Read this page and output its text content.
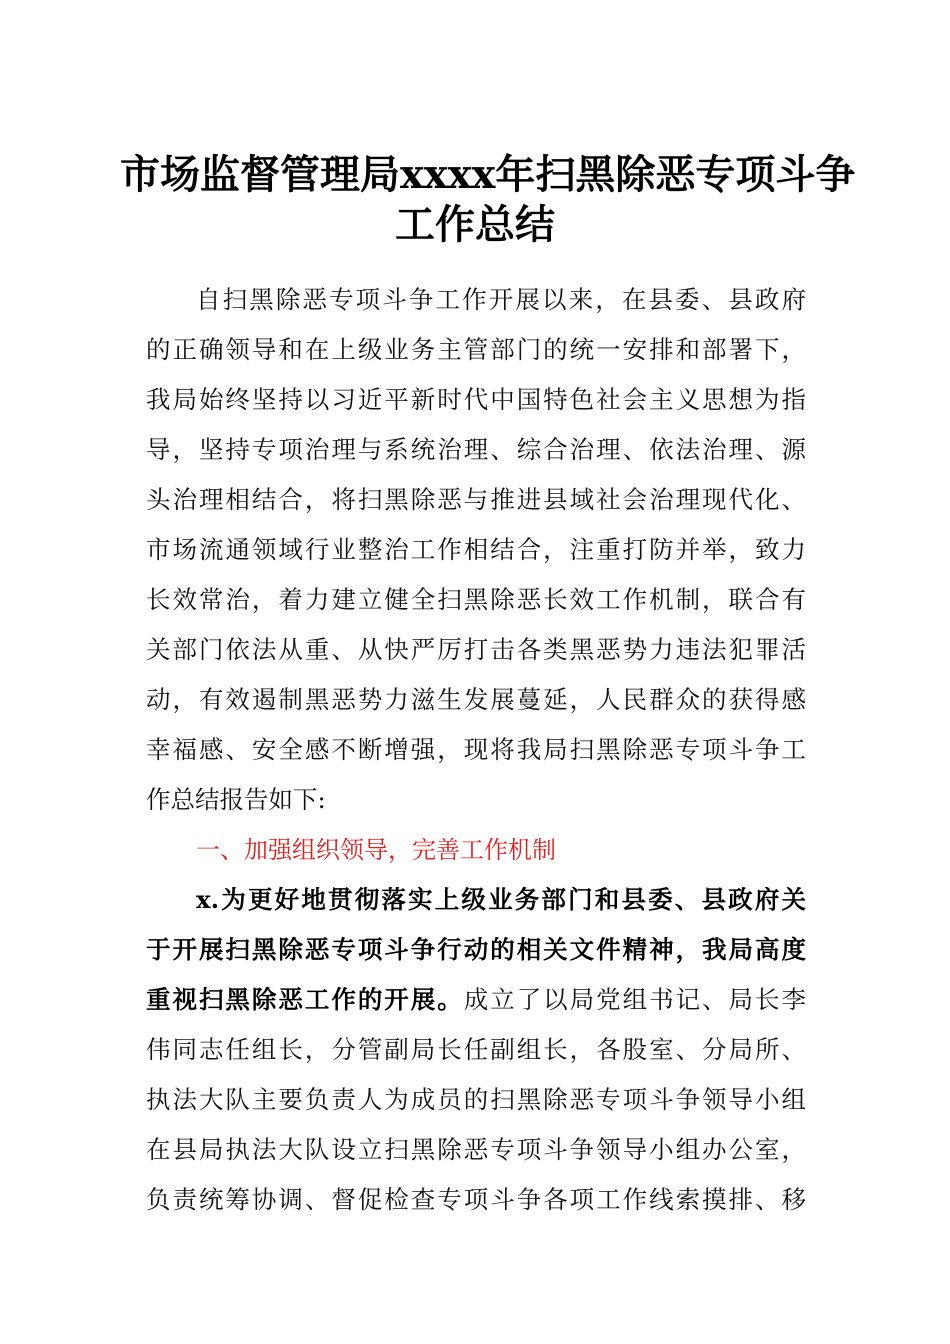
市场监督管理局xxxx年扫黑除恶专项斗争
工作总结
自扫黑除恶专项斗争工作开展以来，在县委、县政府
的正确领导和在上级业务主管部门的统一安排和部署下，
我局始终坚持以习近平新时代中国特色社会主义思想为指
导，坚持专项治理与系统治理、综合治理、依法治理、源
头治理相结合，将扫黑除恶与推进县域社会治理现代化、
市场流通领域行业整治工作相结合，注重打防并举，致力
长效常治，着力建立健全扫黑除恶长效工作机制，联合有
关部门依法从重、从快严厉打击各类黑恶势力违法犯罪活
动，有效遏制黑恶势力滋生发展蔓延，人民群众的获得感
幸福感、安全感不断增强，现将我局扫黑除恶专项斗争工
作总结报告如下:
一、加强组织领导，完善工作机制
x.为更好地贯彻落实上级业务部门和县委、县政府关
于开展扫黑除恶专项斗争行动的相关文件精神，我局高度
重视扫黑除恶工作的开展。成立了以局党组书记、局长李
伟同志任组长，分管副局长任副组长，各股室、分局所、
执法大队主要负责人为成员的扫黑除恶专项斗争领导小组
在县局执法大队设立扫黑除恶专项斗争领导小组办公室，
负责统筹协调、督促检查专项斗争各项工作线索摸排、移
